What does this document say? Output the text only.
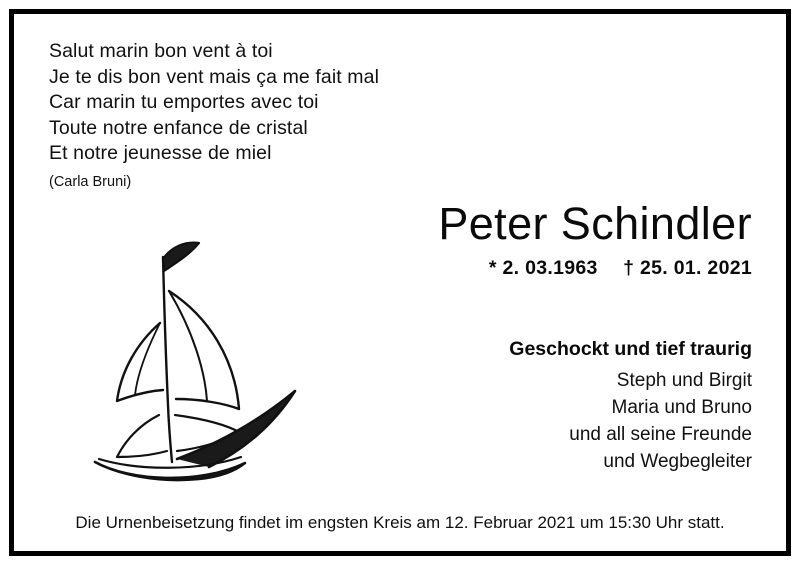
Salut marin bon vent à toi
Je te dis bon vent mais ça me fait mal
Car marin tu emportes avec toi
Toute notre enfance de cristal
Et notre jeunesse de miel
(Carla Bruni)
Peter Schindler
* 2. 03.1963 † 25. 01. 2021
Geschockt und tief traurig
Steph und Birgit
Maria und Bruno
und all seine Freunde
und Wegbegleiter
Die Urnenbeisetzung findet im engsten Kreis am 12. Februar 2021 um 15:30 Uhr statt.
